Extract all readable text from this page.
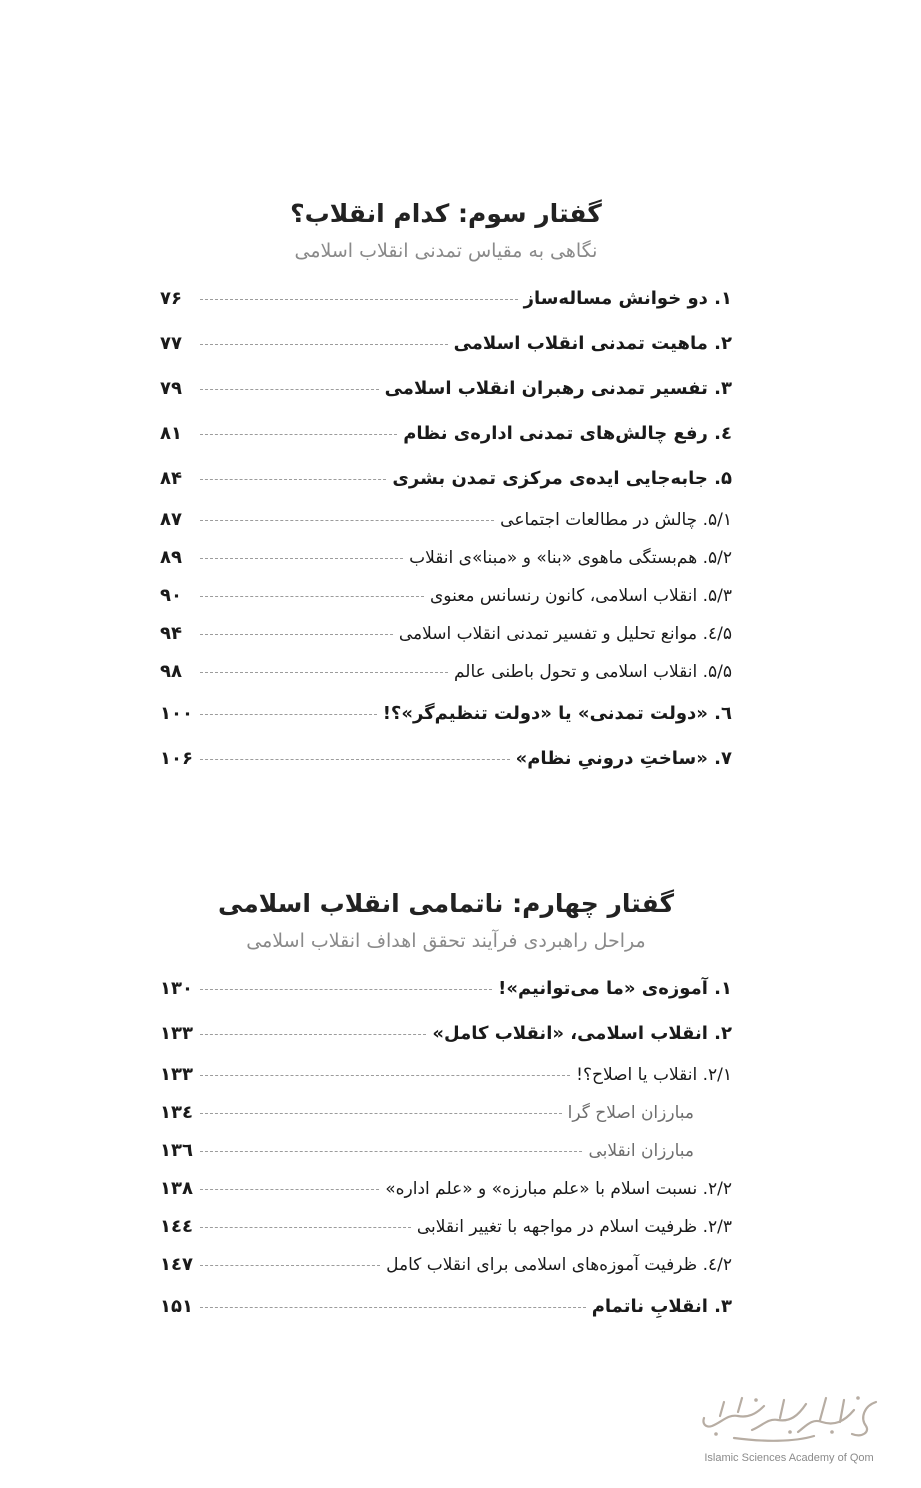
گفتار سوم: کدام انقلاب؟
نگاهی به مقیاس تمدنی انقلاب اسلامی
۱. دو خوانش مساله‌ساز
۷۶
۲. ماهیت تمدنی انقلاب اسلامی
۷۷
۳. تفسیر تمدنی رهبران انقلاب اسلامی
۷۹
٤. رفع چالش‌های تمدنی اداره‌ی نظام
۸۱
۵. جابه‌جایی ایده‌ی مرکزی تمدن بشری
۸۴
۵/۱. چالش در مطالعات اجتماعی
۸۷
۵/۲. هم‌بستگی ماهوی «بنا» و «مبنا»ی انقلاب
۸۹
۵/۳. انقلاب اسلامی، کانون رنسانس معنوی
۹۰
۵/٤. موانع تحلیل و تفسیر تمدنی انقلاب اسلامی
۹۴
۵/۵. انقلاب اسلامی و تحول باطنی عالم
۹۸
٦. «دولت تمدنی» یا «دولت تنظیم‌گر»؟!
۱۰۰
۷. «ساختِ درونیِ نظام»
۱۰۶
گفتار چهارم: ناتمامی انقلاب اسلامی
مراحل راهبردی فرآیند تحقق اهداف انقلاب اسلامی
۱. آموزه‌ی «ما می‌توانیم»!
۱۳۰
۲. انقلاب اسلامی، «انقلاب کامل»
۱۳۳
۲/۱. انقلاب یا اصلاح؟!
۱۳۳
مبارزان اصلاح گرا
۱۳٤
مبارزان انقلابی
۱۳٦
۲/۲. نسبت اسلام با «علم مبارزه» و «علم اداره»
۱۳۸
۲/۳. ظرفیت اسلام در مواجهه با تغییر انقلابی
۱٤٤
۲/٤. ظرفیت آموزه‌های اسلامی برای انقلاب کامل
۱٤۷
۳. انقلابِ ناتمام
۱۵۱
Islamic Sciences Academy of Qom
